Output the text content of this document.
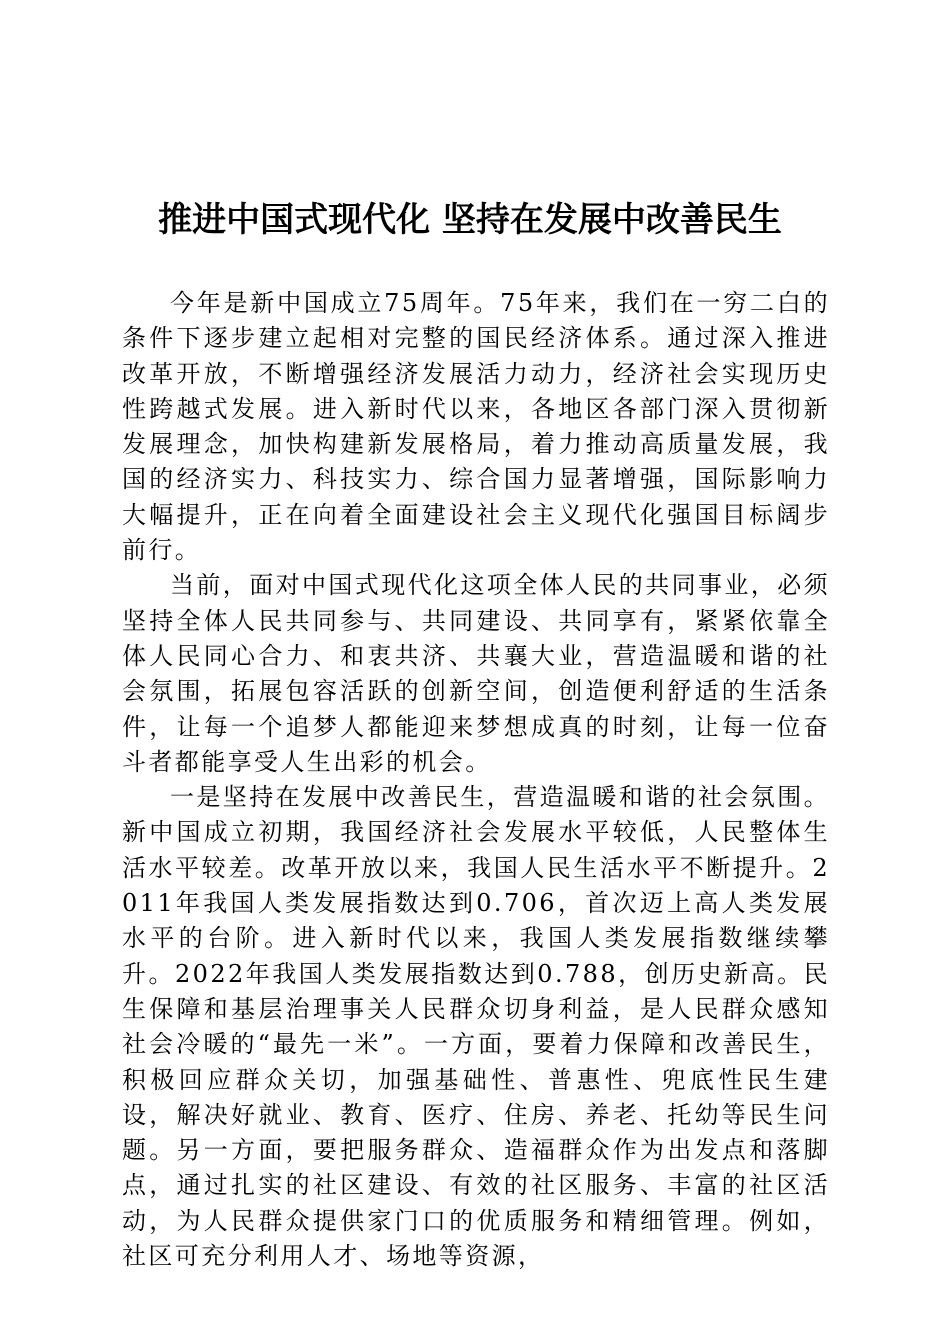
推进中国式现代化 坚持在发展中改善民生

今年是新中国成立75周年。75年来，我们在一穷二白的条件下逐步建立起相对完整的国民经济体系。通过深入推进改革开放，不断增强经济发展活力动力，经济社会实现历史性跨越式发展。进入新时代以来，各地区各部门深入贯彻新发展理念，加快构建新发展格局，着力推动高质量发展，我国的经济实力、科技实力、综合国力显著增强，国际影响力大幅提升，正在向着全面建设社会主义现代化强国目标阔步前行。

当前，面对中国式现代化这项全体人民的共同事业，必须坚持全体人民共同参与、共同建设、共同享有，紧紧依靠全体人民同心合力、和衷共济、共襄大业，营造温暖和谐的社会氛围，拓展包容活跃的创新空间，创造便利舒适的生活条件，让每一个追梦人都能迎来梦想成真的时刻，让每一位奋斗者都能享受人生出彩的机会。

一是坚持在发展中改善民生，营造温暖和谐的社会氛围。新中国成立初期，我国经济社会发展水平较低，人民整体生活水平较差。改革开放以来，我国人民生活水平不断提升。2011年我国人类发展指数达到0.706，首次迈上高人类发展水平的台阶。进入新时代以来，我国人类发展指数继续攀升。2022年我国人类发展指数达到0.788，创历史新高。民生保障和基层治理事关人民群众切身利益，是人民群众感知社会冷暖的“最先一米”。一方面，要着力保障和改善民生，积极回应群众关切，加强基础性、普惠性、兜底性民生建设，解决好就业、教育、医疗、住房、养老、托幼等民生问题。另一方面，要把服务群众、造福群众作为出发点和落脚点，通过扎实的社区建设、有效的社区服务、丰富的社区活动，为人民群众提供家门口的优质服务和精细管理。例如，社区可充分利用人才、场地等资源，
